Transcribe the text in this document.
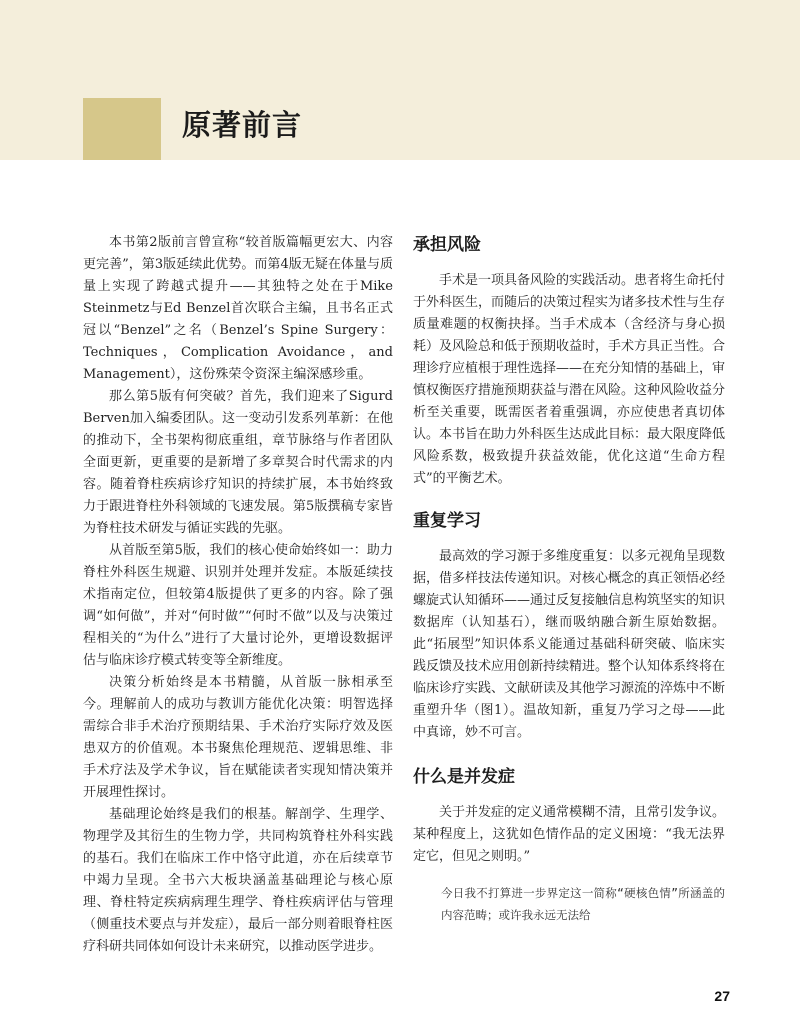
原著前言

本书第2版前言曾宣称“较首版篇幅更宏大、内容更完善”，第3版延续此优势。而第4版无疑在体量与质量上实现了跨越式提升——其独特之处在于Mike Steinmetz与Ed Benzel首次联合主编，且书名正式冠以“Benzel”之名（Benzel’s Spine Surgery：Techniques，Complication Avoidance，and Management），这份殊荣令资深主编深感珍重。

那么第5版有何突破？首先，我们迎来了Sigurd Berven加入编委团队。这一变动引发系列革新：在他的推动下，全书架构彻底重组，章节脉络与作者团队全面更新，更重要的是新增了多章契合时代需求的内容。随着脊柱疾病诊疗知识的持续扩展，本书始终致力于跟进脊柱外科领域的飞速发展。第5版撰稿专家皆为脊柱技术研发与循证实践的先驱。

从首版至第5版，我们的核心使命始终如一：助力脊柱外科医生规避、识别并处理并发症。本版延续技术指南定位，但较第4版提供了更多的内容。除了强调“如何做”，并对“何时做”“何时不做”以及与决策过程相关的“为什么”进行了大量讨论外，更增设数据评估与临床诊疗模式转变等全新维度。

决策分析始终是本书精髓，从首版一脉相承至今。理解前人的成功与教训方能优化决策：明智选择需综合非手术治疗预期结果、手术治疗实际疗效及医患双方的价值观。本书聚焦伦理规范、逻辑思维、非手术疗法及学术争议，旨在赋能读者实现知情决策并开展理性探讨。

基础理论始终是我们的根基。解剖学、生理学、物理学及其衍生的生物力学，共同构筑脊柱外科实践的基石。我们在临床工作中恪守此道，亦在后续章节中竭力呈现。全书六大板块涵盖基础理论与核心原理、脊柱特定疾病病理生理学、脊柱疾病评估与管理（侧重技术要点与并发症），最后一部分则着眼脊柱医疗科研共同体如何设计未来研究，以推动医学进步。

承担风险

手术是一项具备风险的实践活动。患者将生命托付于外科医生，而随后的决策过程实为诸多技术性与生存质量难题的权衡抉择。当手术成本（含经济与身心损耗）及风险总和低于预期收益时，手术方具正当性。合理诊疗应植根于理性选择——在充分知情的基础上，审慎权衡医疗措施预期获益与潜在风险。这种风险收益分析至关重要，既需医者着重强调，亦应使患者真切体认。本书旨在助力外科医生达成此目标：最大限度降低风险系数，极致提升获益效能，优化这道“生命方程式”的平衡艺术。

重复学习

最高效的学习源于多维度重复：以多元视角呈现数据，借多样技法传递知识。对核心概念的真正领悟必经螺旋式认知循环——通过反复接触信息构筑坚实的知识数据库（认知基石），继而吸纳融合新生原始数据。此“拓展型”知识体系义能通过基础科研突破、临床实践反馈及技术应用创新持续精进。整个认知体系终将在临床诊疗实践、文献研读及其他学习源流的淬炼中不断重塑升华（图1）。温故知新，重复乃学习之母——此中真谛，妙不可言。

什么是并发症

关于并发症的定义通常模糊不清，且常引发争议。某种程度上，这犹如色情作品的定义困境：“我无法界定它，但见之则明。”

今日我不打算进一步界定这一简称“硬核色情”所涵盖的内容范畴；或许我永远无法给
27
